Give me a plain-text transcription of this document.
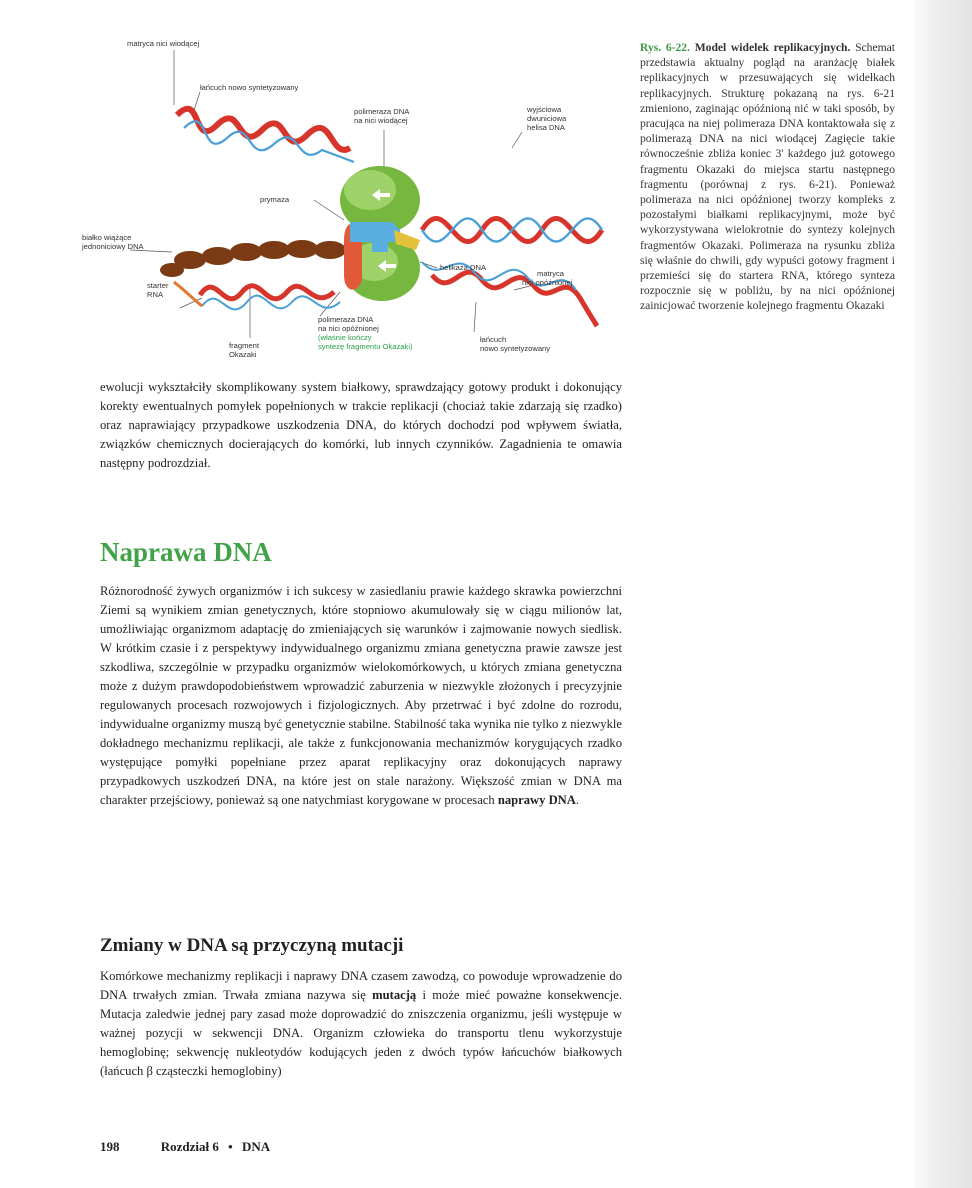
matryca nici wiodącej
łańcuch nowo syntetyzowany
polimeraza DNA
na nici wiodącej
wyjściowa
dwuniciowa
helisa DNA
prymaza
białko wiążące
jednoniciowy DNA
helikaza DNA
matryca
nici opóźnionej
starter
RNA
fragment
Okazaki
polimeraza DNA
na nici opóźnionej
(właśnie kończy
syntezę fragmentu Okazaki)
łańcuch
nowo syntetyzowany
Rys. 6-22. Model widelek replikacyjnych. Schemat przedstawia aktualny pogląd na aranżację białek replikacyjnych w przesuwających się widełkach replikacyjnych. Strukturę pokazaną na rys. 6-21 zmieniono, zaginając opóźnioną nić w taki sposób, by pracująca na niej polimeraza DNA kontaktowała się z polimerazą DNA na nici wiodącej Zagięcie takie równocześnie zbliża koniec 3' każdego już gotowego fragmentu Okazaki do miejsca startu następnego fragmentu (porównaj z rys. 6-21). Ponieważ polimeraza na nici opóźnionej tworzy kompleks z pozostałymi białkami replikacyjnymi, może być wykorzystywana wielokrotnie do syntezy kolejnych fragmentów Okazaki. Polimeraza na rysunku zbliża się właśnie do chwili, gdy wypuści gotowy fragment i przemieści się do startera RNA, którego synteza rozpocznie się w pobliżu, by na nici opóźnionej zainicjować tworzenie kolejnego fragmentu Okazaki

ewolucji wykształciły skomplikowany system białkowy, sprawdzający gotowy produkt i dokonujący korekty ewentualnych pomyłek popełnionych w trakcie replikacji (chociaż takie zdarzają się rzadko) oraz naprawiający przypadkowe uszkodzenia DNA, do których dochodzi pod wpływem światła, związków chemicznych docierających do komórki, lub innych czynników. Zagadnienia te omawia następny podrozdział.

Naprawa DNA

Różnorodność żywych organizmów i ich sukcesy w zasiedlaniu prawie każdego skrawka powierzchni Ziemi są wynikiem zmian genetycznych, które stopniowo akumulowały się w ciągu milionów lat, umożliwiając organizmom adaptację do zmieniających się warunków i zajmowanie nowych siedlisk. W krótkim czasie i z perspektywy indywidualnego organizmu zmiana genetyczna prawie zawsze jest szkodliwa, szczególnie w przypadku organizmów wielokomórkowych, u których zmiana genetyczna może z dużym prawdopodobieństwem wprowadzić zaburzenia w niezwykle złożonych i precyzyjnie regulowanych procesach rozwojowych i fizjologicznych. Aby przetrwać i być zdolne do rozrodu, indywidualne organizmy muszą być genetycznie stabilne. Stabilność taka wynika nie tylko z niezwykle dokładnego mechanizmu replikacji, ale także z funkcjonowania mechanizmów korygujących rzadko występujące pomyłki popełniane przez aparat replikacyjny oraz dokonujących naprawy przypadkowych uszkodzeń DNA, na które jest on stale narażony. Większość zmian w DNA ma charakter przejściowy, ponieważ są one natychmiast korygowane w procesach naprawy DNA.

Zmiany w DNA są przyczyną mutacji

Komórkowe mechanizmy replikacji i naprawy DNA czasem zawodzą, co powoduje wprowadzenie do DNA trwałych zmian. Trwała zmiana nazywa się mutacją i może mieć poważne konsekwencje. Mutacja zaledwie jednej pary zasad może doprowadzić do zniszczenia organizmu, jeśli występuje w ważnej pozycji w sekwencji DNA. Organizm człowieka do transportu tlenu wykorzystuje hemoglobinę; sekwencję nukleotydów kodujących jeden z dwóch typów łańcuchów białkowych (łańcuch β cząsteczki hemoglobiny)

198	Rozdział 6 • DNA
